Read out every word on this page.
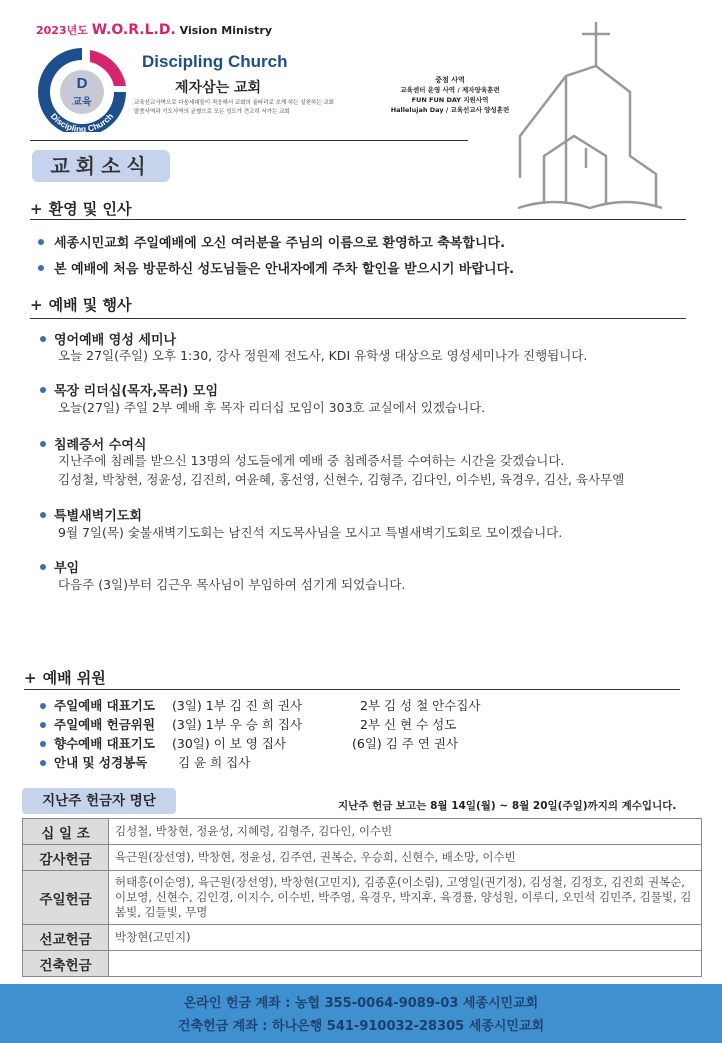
2023년도 W.O.R.L.D. Vision Ministry
D
교육
Discipling Church
Discipling Church
제자삼는 교회
교육선교사역으로 다음세대들이 적응해서 교회의 울타리로 오게 하는 실천하는 교회
말씀사역과 기도사역의 균형으로 모든 성도가 견고히 서가는 교회
중점 사역
교육센터 운영 사역 / 제자양육훈련
FUN FUN DAY 지원사역
Hallelujah Day / 교육선교사 양성훈련
교회소식
+ 환영 및 인사
세종시민교회 주일예배에 오신 여러분을 주님의 이름으로 환영하고 축복합니다.
본 예배에 처음 방문하신 성도님들은 안내자에게 주차 할인을 받으시기 바랍니다.
+ 예배 및 행사
영어예배 영성 세미나
오늘 27일(주일) 오후 1:30, 강사 정원제 전도사, KDI 유학생 대상으로 영성세미나가 진행됩니다.
목장 리더십(목자,목러) 모임
오늘(27일) 주일 2부 예배 후 목자 리더십 모임이 303호 교실에서 있겠습니다.
침례증서 수여식
지난주에 침례를 받으신 13명의 성도들에게 예배 중 침례증서를 수여하는 시간을 갖겠습니다.
김성철, 박창현, 정윤성, 김진희, 여윤혜, 홍선영, 신현수, 김형주, 김다인, 이수빈, 육경우, 김산, 육사무엘
특별새벽기도회
9월 7일(목) 숯불새벽기도회는 남진석 지도목사님을 모시고 특별새벽기도회로 모이겠습니다.
부임
다음주 (3일)부터 김근우 목사님이 부임하여 섬기게 되었습니다.
+ 예배 위원
주일예배 대표기도 (3일) 1부 김 진 희 권사	2부 김 성 철 안수집사
주일예배 헌금위원 (3일) 1부 우 승 희 집사	2부 신 현 수 성도
향수예배 대표기도 (30일) 이 보 영 집사	(6일) 김 주 연 권사
안내 및 성경봉독 김 윤 희 집사
지난주 헌금자 명단	지난주 헌금 보고는 8월 14일(월) ~ 8월 20일(주일)까지의 계수입니다.
십 일 조	김성철, 박창현, 정윤성, 지혜령, 김형주, 김다인, 이수빈
감사헌금	육근원(장선영), 박창현, 정윤성, 김주연, 권복순, 우승희, 신현수, 배소망, 이수빈
주일헌금	허태흥(이순영), 육근원(장선영), 박창현(고민지), 김종훈(이소림), 고영일(권기정), 김성철, 김정호, 김진희 권복순, 이보영, 신현수, 김인경, 이지수, 이수빈, 박주영, 육경우, 박지후, 육경률, 양성원, 이루디, 오민석 김민주, 김물빛, 김봄빛, 김들빛, 무명
선교헌금	박창현(고민지)
건축헌금	
온라인 헌금 계좌 : 농협 355-0064-9089-03 세종시민교회
건축헌금 계좌 : 하나은행 541-910032-28305 세종시민교회
